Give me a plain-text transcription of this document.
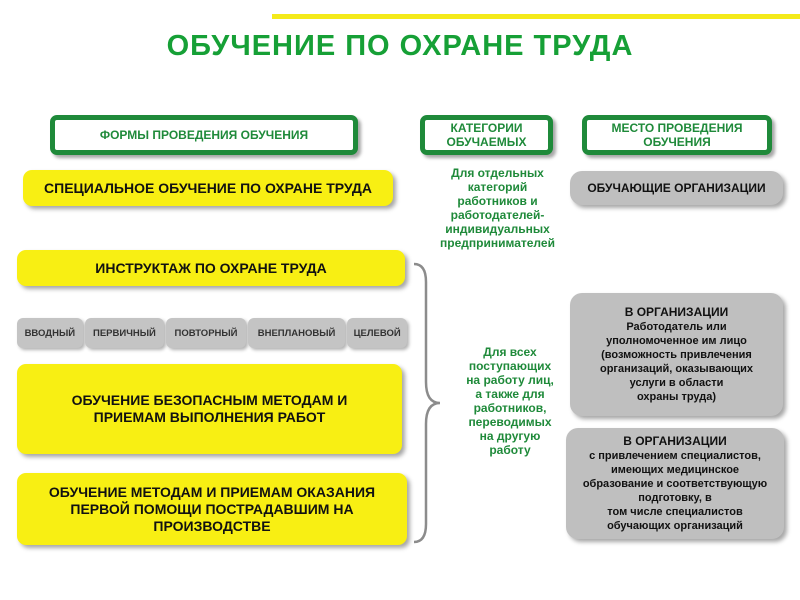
ОБУЧЕНИЕ ПО ОХРАНЕ ТРУДА
ФОРМЫ ПРОВЕДЕНИЯ ОБУЧЕНИЯ	КАТЕГОРИИ ОБУЧАЕМЫХ
МЕСТО ПРОВЕДЕНИЯ ОБУЧЕНИЯ
СПЕЦИАЛЬНОЕ ОБУЧЕНИЕ ПО ОХРАНЕ ТРУДА
ИНСТРУКТАЖ ПО ОХРАНЕ ТРУДА
ВВОДНЫЙ	ПЕРВИЧНЫЙ	ПОВТОРНЫЙ	ВНЕПЛАНОВЫЙ	ЦЕЛЕВОЙ
ОБУЧЕНИЕ БЕЗОПАСНЫМ МЕТОДАМ И ПРИЕМАМ ВЫПОЛНЕНИЯ РАБОТ
ОБУЧЕНИЕ МЕТОДАМ И ПРИЕМАМ ОКАЗАНИЯ ПЕРВОЙ ПОМОЩИ ПОСТРАДАВШИМ НА ПРОИЗВОДСТВЕ
Для отдельных
категорий
работников и
работодателей-
индивидуальных
предпринимателей
Для всех
поступающих
на работу лиц,
а также для
работников,
переводимых
на другую
работу
ОБУЧАЮЩИЕ ОРГАНИЗАЦИИ
В ОРГАНИЗАЦИИ
Работодатель или
уполномоченное им лицо
(возможность привлечения
организаций, оказывающих
услуги в области
охраны труда)
В ОРГАНИЗАЦИИ
с привлечением специалистов,
имеющих медицинское
образование и соответствующую
подготовку, в
том числе специалистов
обучающих организаций
